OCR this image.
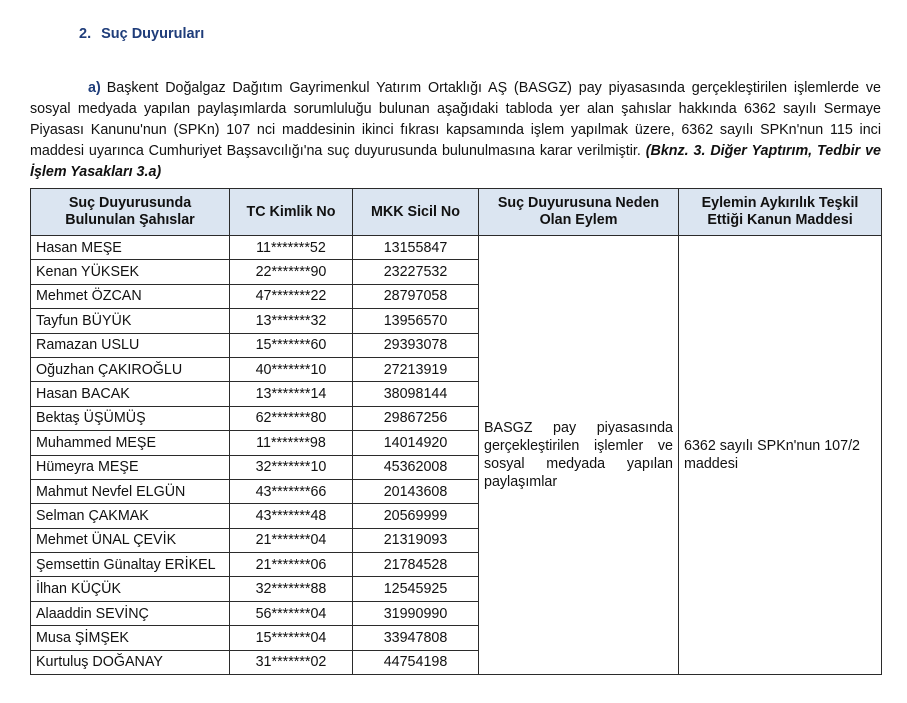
2. Suç Duyuruları

a) Başkent Doğalgaz Dağıtım Gayrimenkul Yatırım Ortaklığı AŞ (BASGZ) pay piyasasında gerçekleştirilen işlemlerde ve sosyal medyada yapılan paylaşımlarda sorumluluğu bulunan aşağıdaki tabloda yer alan şahıslar hakkında 6362 sayılı Sermaye Piyasası Kanunu'nun (SPKn) 107 nci maddesinin ikinci fıkrası kapsamında işlem yapılmak üzere, 6362 sayılı SPKn'nun 115 inci maddesi uyarınca Cumhuriyet Başsavcılığı'na suç duyurusunda bulunulmasına karar verilmiştir. (Bknz. 3. Diğer Yaptırım, Tedbir ve İşlem Yasakları 3.a)

Suç Duyurusunda Bulunulan Şahıslar	TC Kimlik No	MKK Sicil No	Suç Duyurusuna Neden Olan Eylem	Eylemin Aykırılık Teşkil Ettiği Kanun Maddesi
Hasan MEŞE	11*******52	13155847	BASGZ pay piyasasında gerçekleştirilen işlemler ve sosyal medyada yapılan paylaşımlar	6362 sayılı SPKn'nun 107/2 maddesi
Kenan YÜKSEK	22*******90	23227532		
Mehmet ÖZCAN	47*******22	28797058		
Tayfun BÜYÜK	13*******32	13956570		
Ramazan USLU	15*******60	29393078		
Oğuzhan ÇAKIROĞLU	40*******10	27213919		
Hasan BACAK	13*******14	38098144		
Bektaş ÜŞÜMÜŞ	62*******80	29867256		
Muhammed MEŞE	11*******98	14014920		
Hümeyra MEŞE	32*******10	45362008		
Mahmut Nevfel ELGÜN	43*******66	20143608		
Selman ÇAKMAK	43*******48	20569999		
Mehmet ÜNAL ÇEVİK	21*******04	21319093		
Şemsettin Günaltay ERİKEL	21*******06	21784528		
İlhan KÜÇÜK	32*******88	12545925		
Alaaddin SEVİNÇ	56*******04	31990990		
Musa ŞİMŞEK	15*******04	33947808		
Kurtuluş DOĞANAY	31*******02	44754198		
